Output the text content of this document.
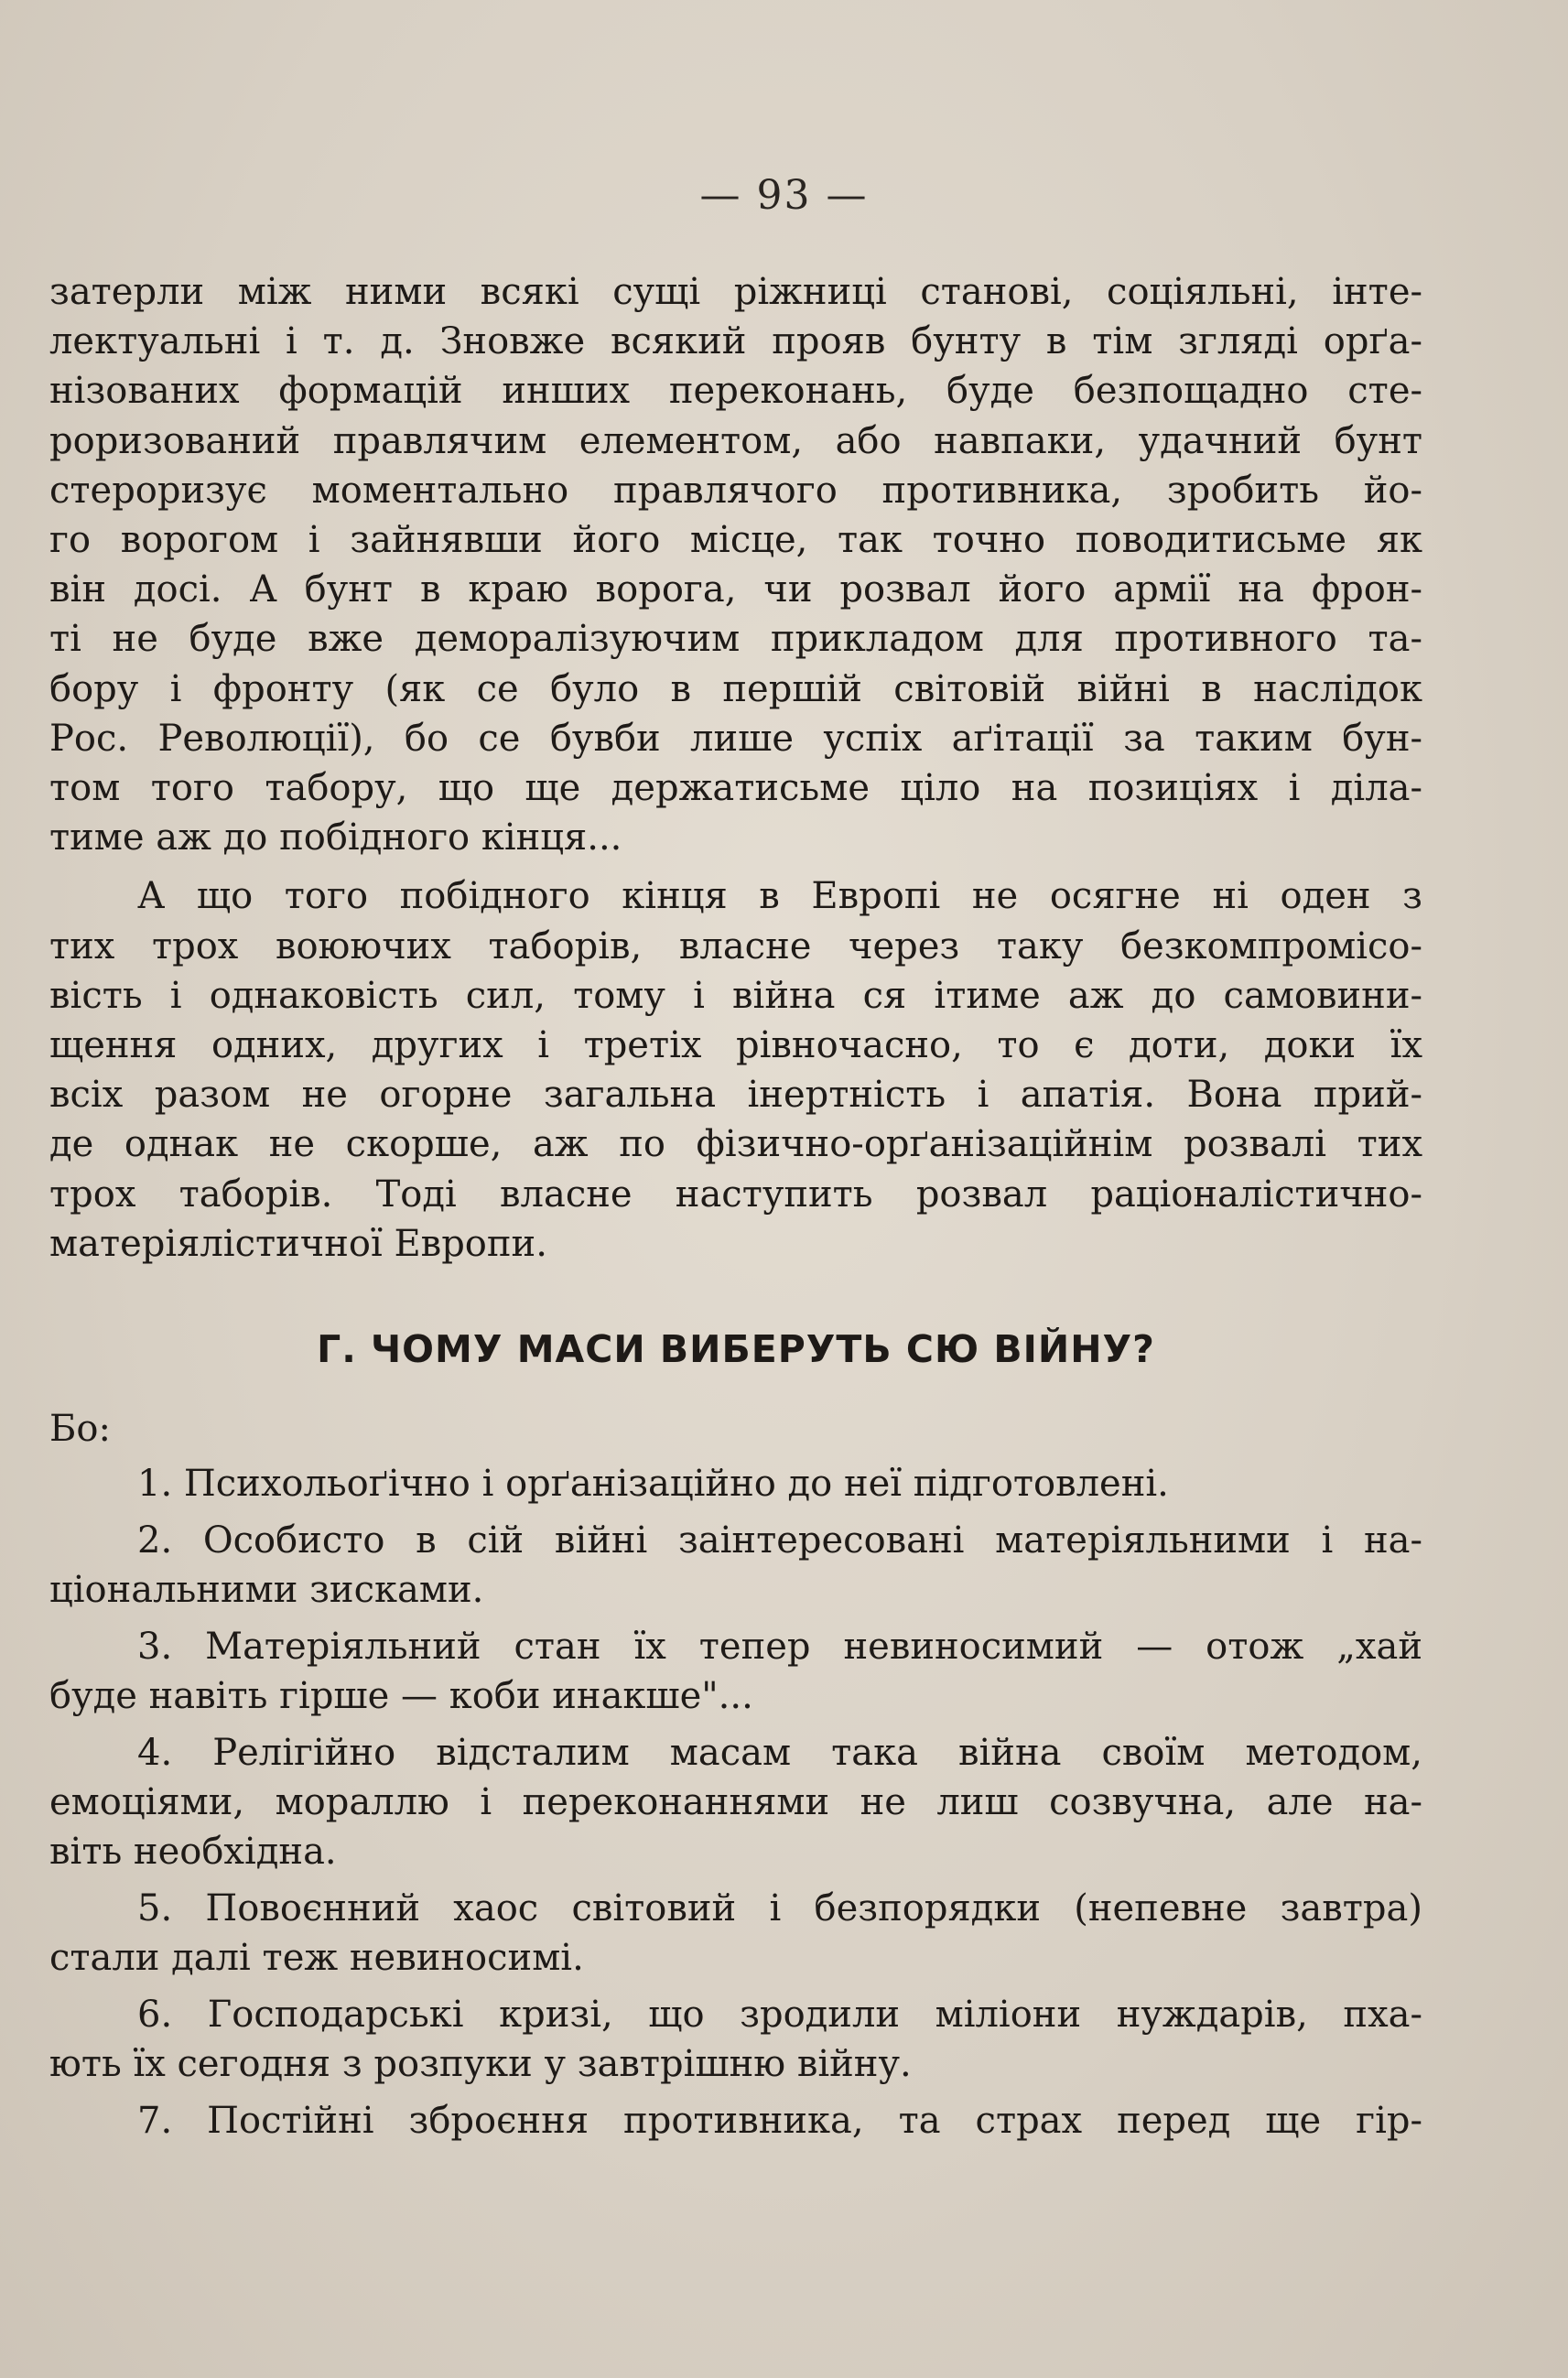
— 93 —
затерли між ними всякі сущі ріжниці станові, соціяльні, інте-
лектуальні і т. д. Зновже всякий прояв бунту в тім згляді орґа-
нізованих формацій инших переконань, буде безпощадно сте-
роризований правлячим елементом, або навпаки, удачний бунт
стероризує моментально правлячого противника, зробить йо-
го ворогом і зайнявши його місце, так точно поводитисьме як
він досі. А бунт в краю ворога, чи розвал його армії на фрон-
ті не буде вже деморалізуючим прикладом для противного та-
бору і фронту (як се було в першій світовій війні в наслідок
Рос. Революції), бо се бувби лише успіх аґітації за таким бун-
том того табору, що ще держатисьме ціло на позиціях і діла-
тиме аж до побідного кінця...
А що того побідного кінця в Европі не осягне ні оден з
тих трох воюючих таборів, власне через таку безкомпромісо-
вість і однаковість сил, тому і війна ся ітиме аж до самовини-
щення одних, других і третіх рівночасно, то є доти, доки їх
всіх разом не огорне загальна інертність і апатія. Вона прий-
де однак не скорше, аж по фізично-орґанізаційнім розвалі тих
трох таборів. Тоді власне наступить розвал раціоналістично-
матеріялістичної Европи.
Г. ЧОМУ МАСИ ВИБЕРУТЬ СЮ ВІЙНУ?
Бо:
1. Психольоґічно і орґанізаційно до неї підготовлені.
2. Особисто в сій війні заінтересовані матеріяльними і на-
ціональними зисками.
3. Матеріяльний стан їх тепер невиносимий — отож „хай
буде навіть гірше — коби инакше"...
4. Релігійно відсталим масам така війна своїм методом,
емоціями, мораллю і переконаннями не лиш созвучна, але на-
віть необхідна.
5. Повоєнний хаос світовий і безпорядки (непевне завтра)
стали далі теж невиносимі.
6. Господарські кризі, що зродили міліони нуждарів, пха-
ють їх сегодня з розпуки у завтрішню війну.
7. Постійні зброєння противника, та страх перед ще гір-
